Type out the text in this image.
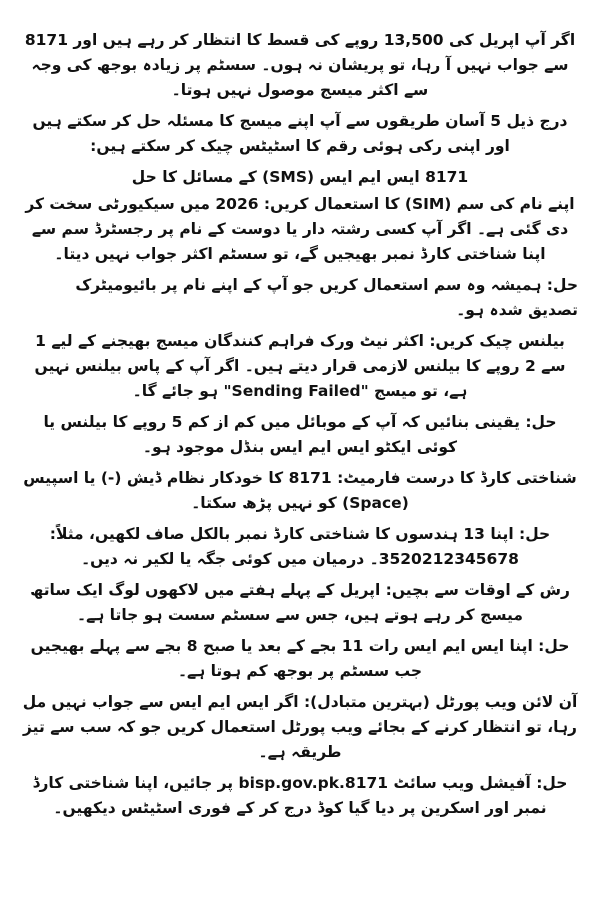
اگر آپ اپریل کی 13,500 روپے کی قسط کا انتظار کر رہے ہیں اور 8171 سے جواب نہیں آ رہا، تو پریشان نہ ہوں۔ سسٹم پر زیادہ بوجھ کی وجہ سے اکثر میسج موصول نہیں ہوتا۔

درج ذیل 5 آسان طریقوں سے آپ اپنے میسج کا مسئلہ حل کر سکتے ہیں اور اپنی رکی ہوئی رقم کا اسٹیٹس چیک کر سکتے ہیں:

8171 ایس ایم ایس (SMS) کے مسائل کا حل

اپنے نام کی سم (SIM) کا استعمال کریں: 2026 میں سیکیورٹی سخت کر دی گئی ہے۔ اگر آپ کسی رشتہ دار یا دوست کے نام پر رجسٹرڈ سم سے اپنا شناختی کارڈ نمبر بھیجیں گے، تو سسٹم اکثر جواب نہیں دیتا۔

حل: ہمیشہ وہ سم استعمال کریں جو آپ کے اپنے نام پر بائیومیٹرک تصدیق شدہ ہو۔

بیلنس چیک کریں: اکثر نیٹ ورک فراہم کنندگان میسج بھیجنے کے لیے 1 سے 2 روپے کا بیلنس لازمی قرار دیتے ہیں۔ اگر آپ کے پاس بیلنس نہیں ہے، تو میسج "Sending Failed" ہو جائے گا۔

حل: یقینی بنائیں کہ آپ کے موبائل میں کم از کم 5 روپے کا بیلنس یا کوئی ایکٹو ایس ایم ایس بنڈل موجود ہو۔

شناختی کارڈ کا درست فارمیٹ: 8171 کا خودکار نظام ڈیش (-) یا اسپیس (Space) کو نہیں پڑھ سکتا۔

حل: اپنا 13 ہندسوں کا شناختی کارڈ نمبر بالکل صاف لکھیں، مثلاً: 3520212345678۔ درمیان میں کوئی جگہ یا لکیر نہ دیں۔

رش کے اوقات سے بچیں: اپریل کے پہلے ہفتے میں لاکھوں لوگ ایک ساتھ میسج کر رہے ہوتے ہیں، جس سے سسٹم سست ہو جاتا ہے۔

حل: اپنا ایس ایم ایس رات 11 بجے کے بعد یا صبح 8 بجے سے پہلے بھیجیں جب سسٹم پر بوجھ کم ہوتا ہے۔

آن لائن ویب پورٹل (بہترین متبادل): اگر ایس ایم ایس سے جواب نہیں مل رہا، تو انتظار کرنے کے بجائے ویب پورٹل استعمال کریں جو کہ سب سے تیز طریقہ ہے۔

حل: آفیشل ویب سائٹ 8171.bisp.gov.pk پر جائیں، اپنا شناختی کارڈ نمبر اور اسکرین پر دیا گیا کوڈ درج کر کے فوری اسٹیٹس دیکھیں۔
